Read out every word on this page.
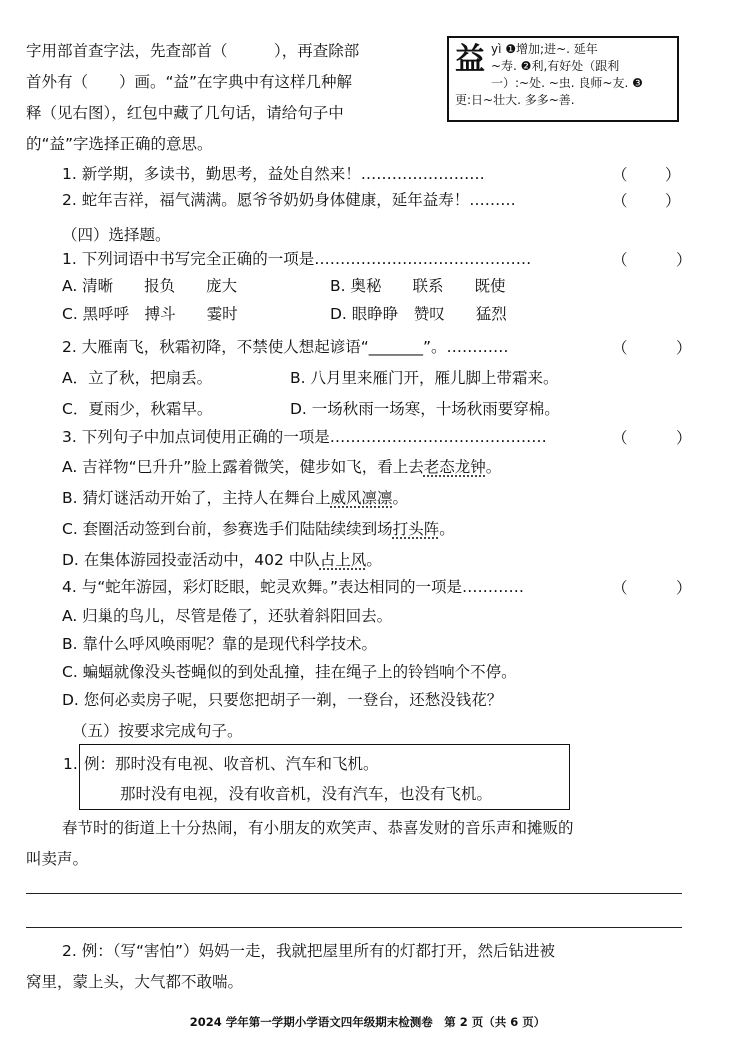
字用部首查字法，先查部首（　　　），再查除部
首外有（　　）画。“益”在字典中有这样几种解
释（见右图），红包中藏了几句话，请给句子中
的“益”字选择正确的意思。
益 yì ❶增加;进~. 延年
~寿. ❷利,有好处（跟利
一）:~处. ~虫. 良师~友. ❸
更:日~壮大. 多多~善.
1. 新学期，多读书，勤思考，益处自然来！……………………	（ ）
2. 蛇年吉祥，福气满满。愿爷爷奶奶身体健康，延年益寿！………	（ ）
（四）选择题。
1. 下列词语中书写完全正确的一项是……………………………………	（	）
A. 清晰　　报负　　庞大	B. 奥秘　　联系　　既使
C. 黑呼呼　搏斗　　霎时	D. 眼睁睁　赞叹　　猛烈
2. 大雁南飞，秋霜初降，不禁使人想起谚语“_______”。…………	（	）
A．立了秋，把扇丢。	B. 八月里来雁门开，雁儿脚上带霜来。
C．夏雨少，秋霜早。	D. 一场秋雨一场寒，十场秋雨要穿棉。
3. 下列句子中加点词使用正确的一项是……………………………………	（	）
A. 吉祥物“巳升升”脸上露着微笑，健步如飞，看上去老态龙钟。
B. 猜灯谜活动开始了，主持人在舞台上威风凛凛。
C. 套圈活动签到台前，参赛选手们陆陆续续到场打头阵。
D. 在集体游园投壶活动中，402 中队占上风。
4. 与“蛇年游园，彩灯眨眼，蛇灵欢舞。”表达相同的一项是…………	（	）
A. 归巢的鸟儿，尽管是倦了，还驮着斜阳回去。
B. 靠什么呼风唤雨呢？靠的是现代科学技术。
C. 蝙蝠就像没头苍蝇似的到处乱撞，挂在绳子上的铃铛响个不停。
D. 您何必卖房子呢，只要您把胡子一剃，一登台，还愁没钱花？
（五）按要求完成句子。
1. 例：那时没有电视、收音机、汽车和飞机。
那时没有电视，没有收音机，没有汽车，也没有飞机。
春节时的街道上十分热闹，有小朋友的欢笑声、恭喜发财的音乐声和摊贩的
叫卖声。
2. 例：（写“害怕”）妈妈一走，我就把屋里所有的灯都打开，然后钻进被
窝里，蒙上头，大气都不敢喘。
2024 学年第一学期小学语文四年级期末检测卷　第 2 页（共 6 页）
